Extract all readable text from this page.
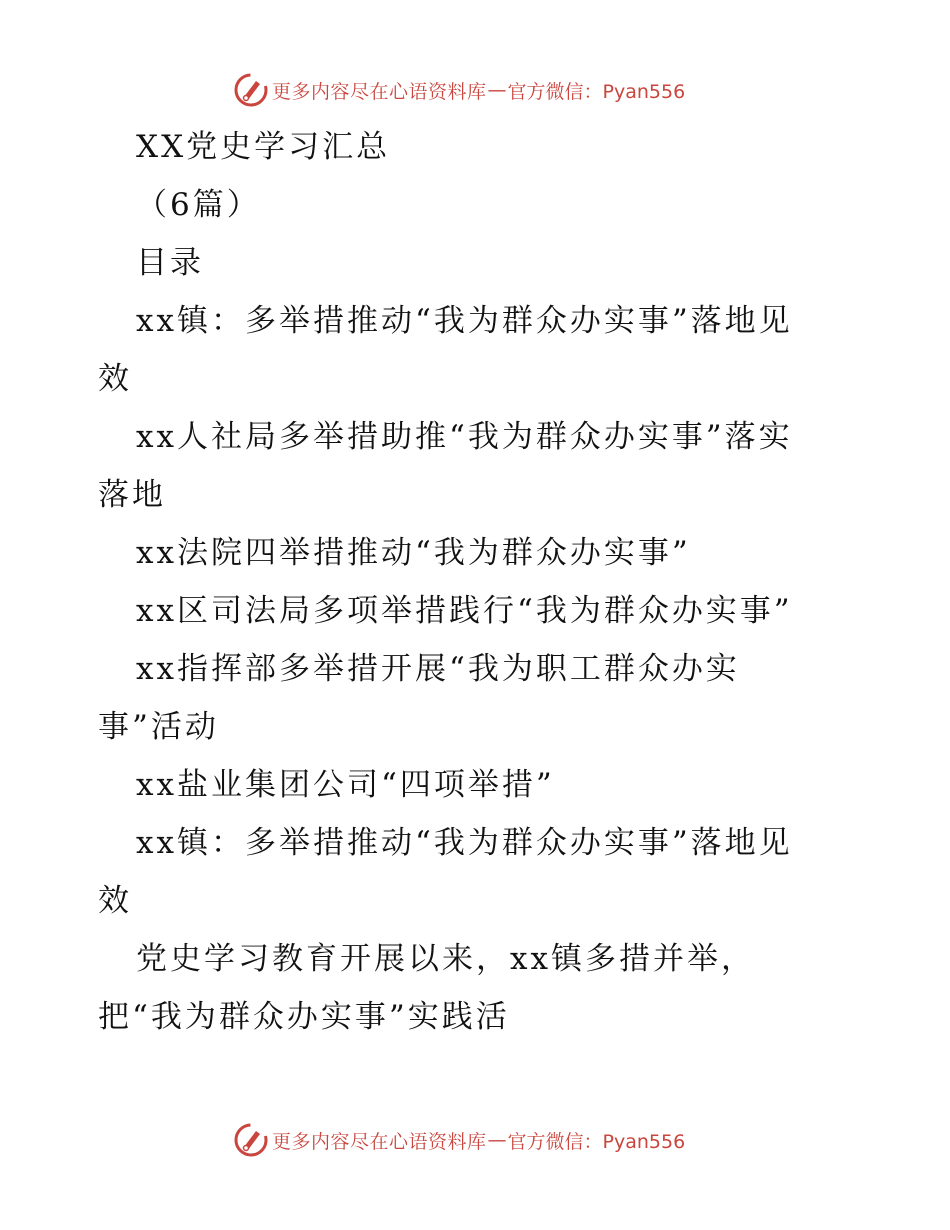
更多内容尽在心语资料库 — 官方微信：Pyan556

XX党史学习汇总

（6篇）

目录

xx镇：多举措推动“我为群众办实事”落地见

效

xx人社局多举措助推“我为群众办实事”落实

落地

xx法院四举措推动“我为群众办实事”

xx区司法局多项举措践行“我为群众办实事”

xx指挥部多举措开展“我为职工群众办实

事”活动

xx盐业集团公司“四项举措”

xx镇：多举措推动“我为群众办实事”落地见

效

党史学习教育开展以来，xx镇多措并举，

把“我为群众办实事”实践活

更多内容尽在心语资料库 — 官方微信：Pyan556
